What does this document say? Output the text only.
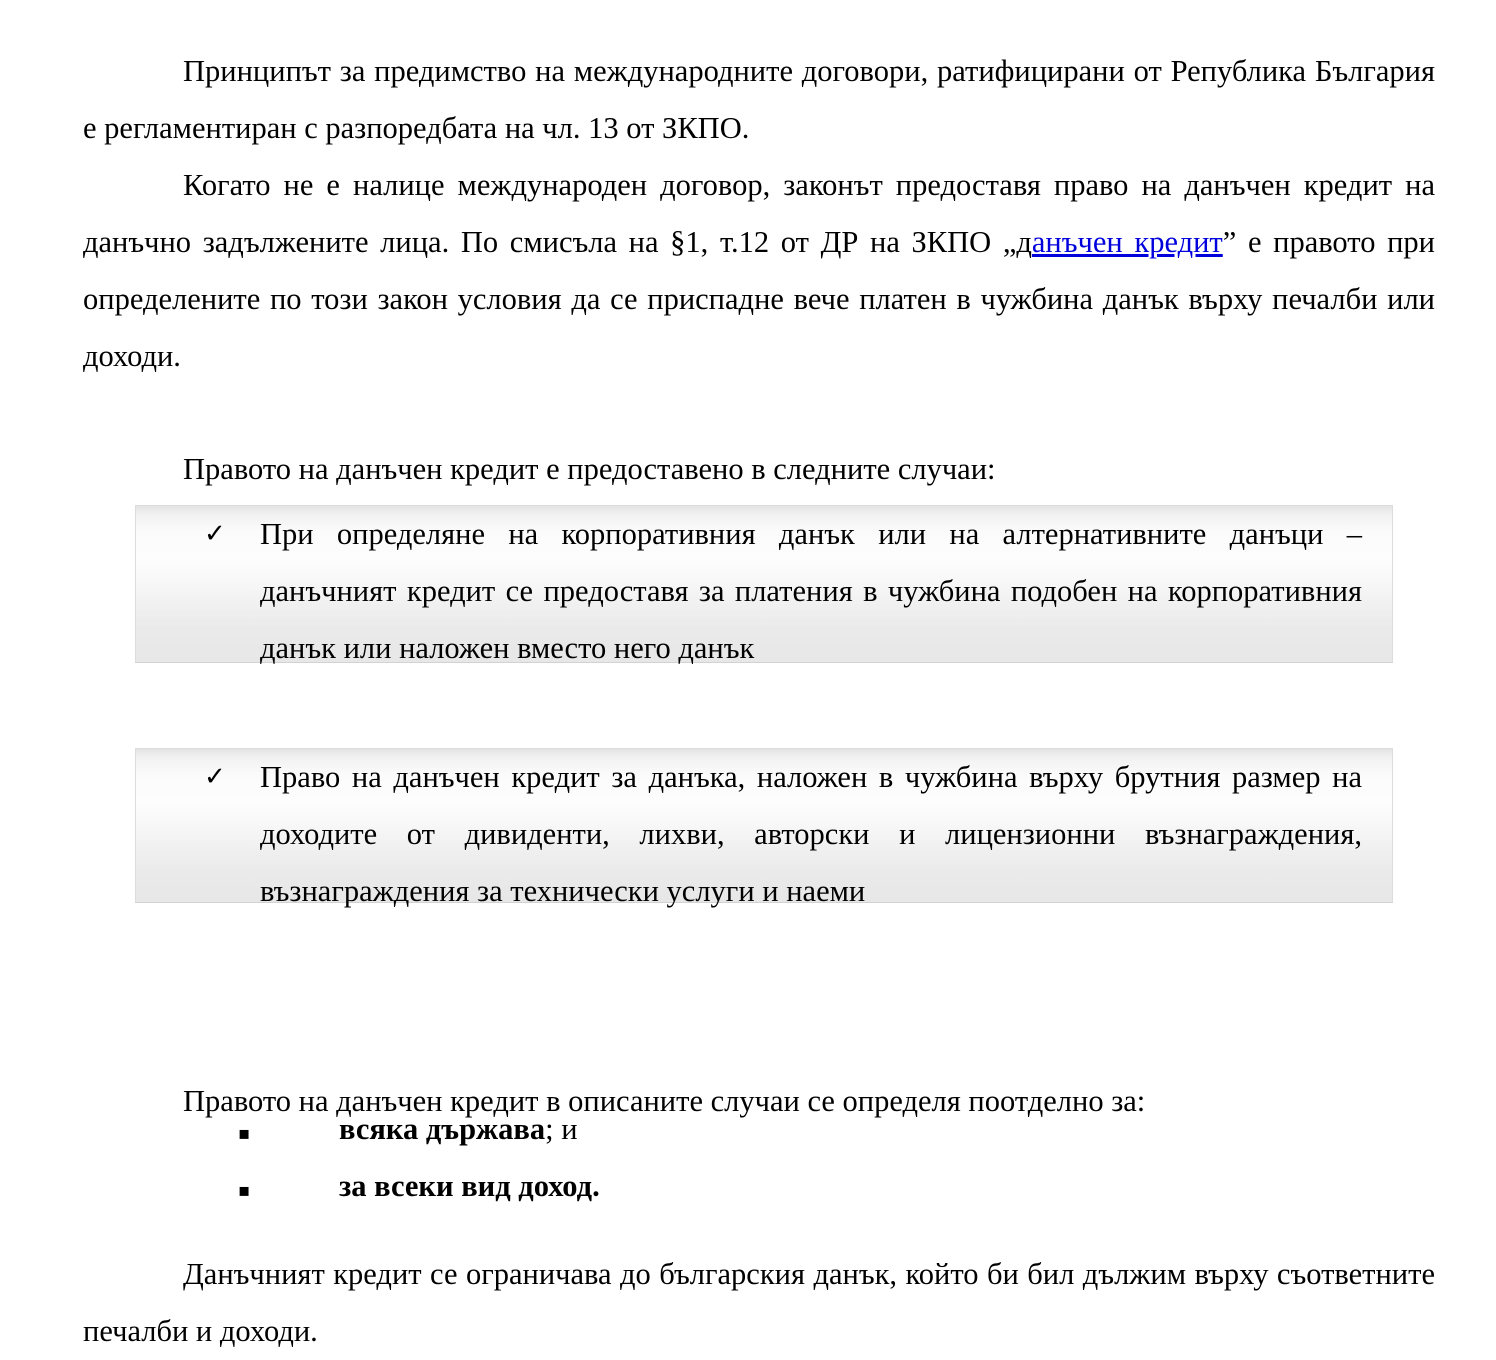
Принципът за предимство на международните договори, ратифицирани от Република България е регламентиран с разпоредбата на чл. 13 от ЗКПО.

Когато не е налице международен договор, законът предоставя право на данъчен кредит на данъчно задължените лица. По смисъла на §1, т.12 от ДР на ЗКПО „данъчен кредит” е правото при определените по този закон условия да се приспадне вече платен в чужбина данък върху печалби или доходи.

Правото на данъчен кредит е предоставено в следните случаи:

✓	При определяне на корпоративния данък или на алтернативните данъци – данъчният кредит се предоставя за платения в чужбина подобен на корпоративния данък или наложен вместо него данък
✓	Право на данъчен кредит за данъка, наложен в чужбина върху брутния размер на доходите от дивиденти, лихви, авторски и лицензионни възнаграждения, възнаграждения за технически услуги и наеми

Правото на данъчен кредит в описаните случаи се определя поотделно за:

▪	всяка държава; и
▪	за всеки вид доход.

Данъчният кредит се ограничава до българския данък, който би бил дължим върху съответните печалби и доходи.
